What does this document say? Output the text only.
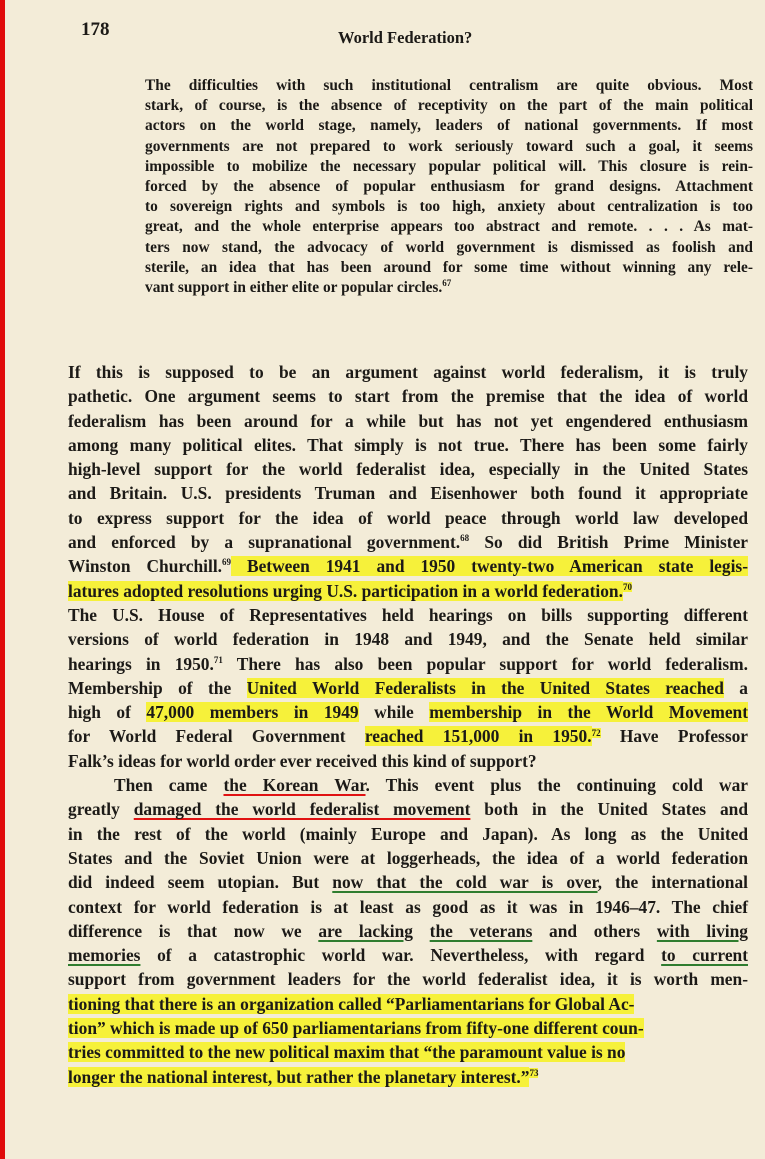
178	World Federation?
The difficulties with such institutional centralism are quite obvious. Most
stark, of course, is the absence of receptivity on the part of the main political
actors on the world stage, namely, leaders of national governments. If most
governments are not prepared to work seriously toward such a goal, it seems
impossible to mobilize the necessary popular political will. This closure is rein-
forced by the absence of popular enthusiasm for grand designs. Attachment
to sovereign rights and symbols is too high, anxiety about centralization is too
great, and the whole enterprise appears too abstract and remote. . . . As mat-
ters now stand, the advocacy of world government is dismissed as foolish and
sterile, an idea that has been around for some time without winning any rele-
vant support in either elite or popular circles.$^{67}$
If this is supposed to be an argument against world federalism, it is truly
pathetic. One argument seems to start from the premise that the idea of world
federalism has been around for a while but has not yet engendered enthusiasm
among many political elites. That simply is not true. There has been some fairly
high-level support for the world federalist idea, especially in the United States
and Britain. U.S. presidents Truman and Eisenhower both found it appropriate
to express support for the idea of world peace through world law developed
and enforced by a supranational government.$^{68}$ So did British Prime Minister
Winston Churchill.$^{69}$ Between 1941 and 1950 twenty-two American state legis-
latures adopted resolutions urging U.S. participation in a world federation.$^{70}$
The U.S. House of Representatives held hearings on bills supporting different
versions of world federation in 1948 and 1949, and the Senate held similar
hearings in 1950.71 There has also been popular support for world federalism.
Membership of the United World Federalists in the United States reached a
high of 47,000 members in 1949 while membership in the World Movement
for World Federal Government reached 151,000 in 1950.72 Have Professor
Falk’s ideas for world order ever received this kind of support?
Then came the Korean War. This event plus the continuing cold war
greatly damaged the world federalist movement both in the United States and
in the rest of the world (mainly Europe and Japan). As long as the United
States and the Soviet Union were at loggerheads, the idea of a world federation
did indeed seem utopian. But now that the cold war is over, the international
context for world federation is at least as good as it was in 1946–47. The chief
difference is that now we are lacking the veterans and others with living
memories of a catastrophic world war. Nevertheless, with regard to current
support from government leaders for the world federalist idea, it is worth men-
tioning that there is an organization called “Parliamentarians for Global Ac-
tion” which is made up of 650 parliamentarians from fifty-one different coun-
tries committed to the new political maxim that “the paramount value is no
longer the national interest, but rather the planetary interest.”$^{73}$
